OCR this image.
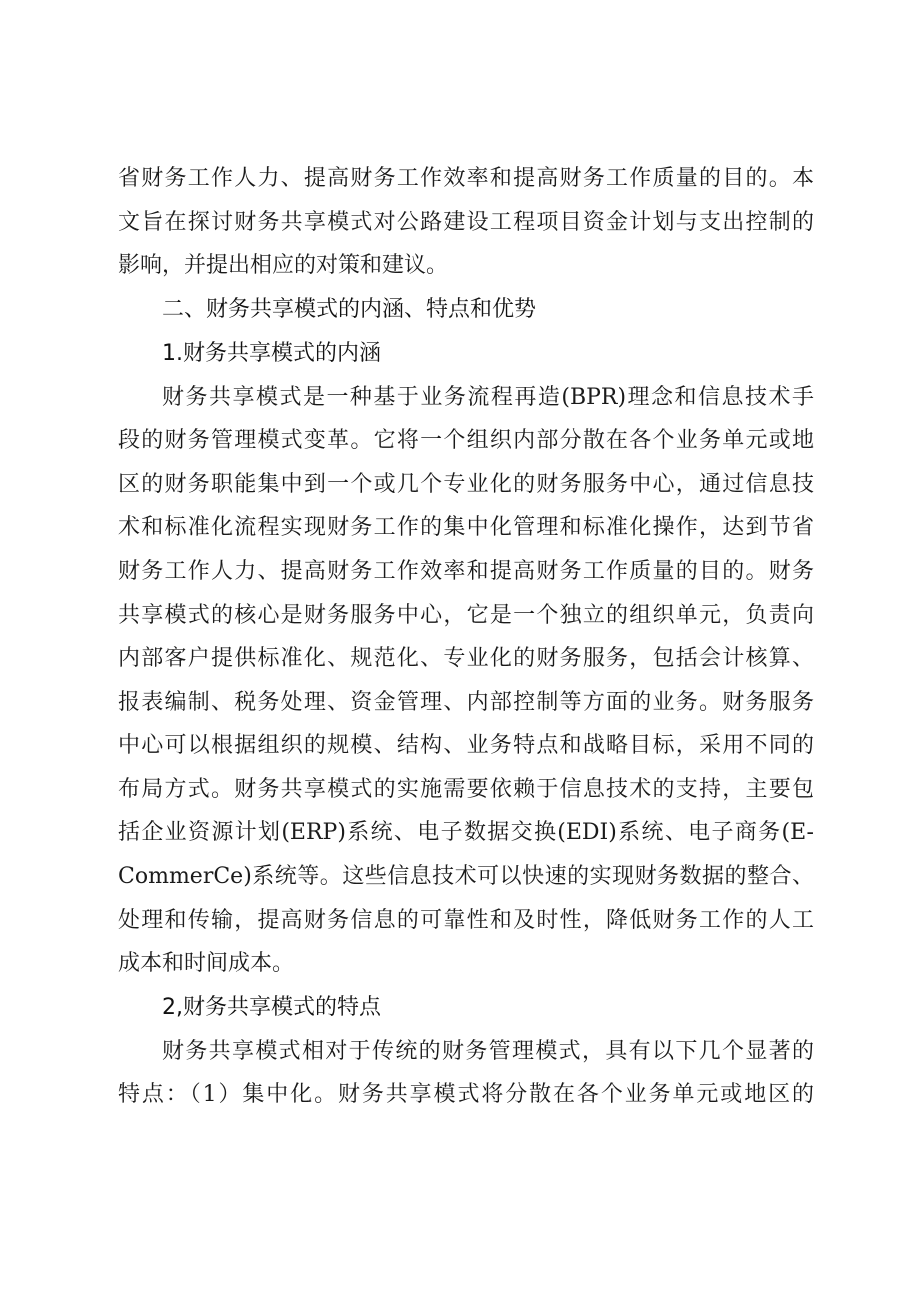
省财务工作人力、提高财务工作效率和提高财务工作质量的目的。本
文旨在探讨财务共享模式对公路建设工程项目资金计划与支出控制的
影响，并提出相应的对策和建议。
二、财务共享模式的内涵、特点和优势
1.财务共享模式的内涵
财务共享模式是一种基于业务流程再造(BPR)理念和信息技术手
段的财务管理模式变革。它将一个组织内部分散在各个业务单元或地
区的财务职能集中到一个或几个专业化的财务服务中心，通过信息技
术和标准化流程实现财务工作的集中化管理和标准化操作，达到节省
财务工作人力、提高财务工作效率和提高财务工作质量的目的。财务
共享模式的核心是财务服务中心，它是一个独立的组织单元，负责向
内部客户提供标准化、规范化、专业化的财务服务，包括会计核算、
报表编制、税务处理、资金管理、内部控制等方面的业务。财务服务
中心可以根据组织的规模、结构、业务特点和战略目标，采用不同的
布局方式。财务共享模式的实施需要依赖于信息技术的支持，主要包
括企业资源计划(ERP)系统、电子数据交换(EDI)系统、电子商务(E-
CommerCe)系统等。这些信息技术可以快速的实现财务数据的整合、
处理和传输，提高财务信息的可靠性和及时性，降低财务工作的人工
成本和时间成本。
2,财务共享模式的特点
财务共享模式相对于传统的财务管理模式，具有以下几个显著的
特点：（1）集中化。财务共享模式将分散在各个业务单元或地区的
